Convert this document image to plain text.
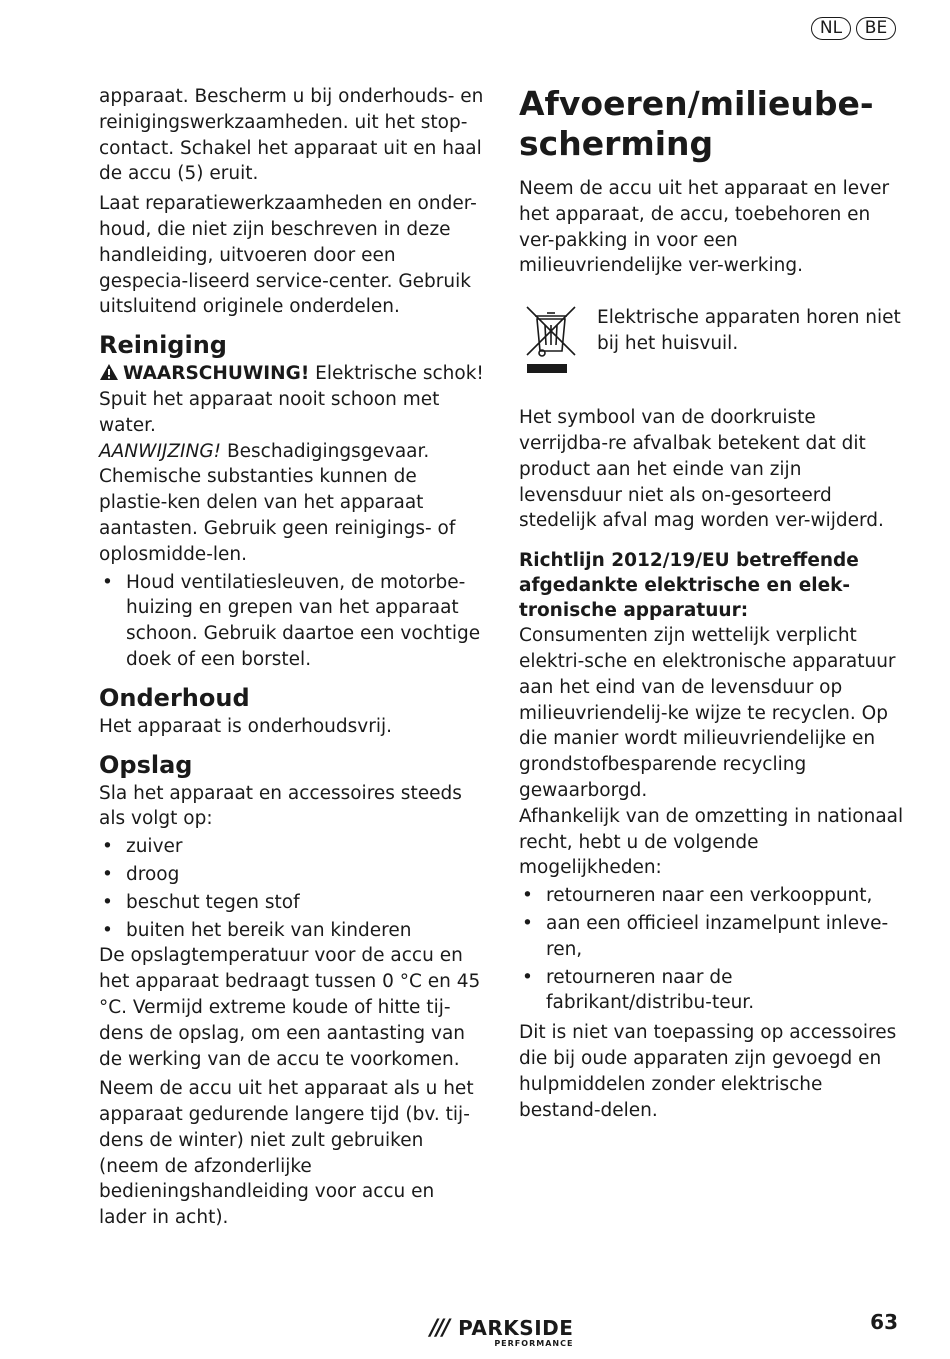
NL	BE

apparaat. Bescherm u bij onderhouds- en reinigingswerkzaamheden. uit het stop-contact. Schakel het apparaat uit en haal de accu (5) eruit.

Laat reparatiewerkzaamheden en onder-houd, die niet zijn beschreven in deze handleiding, uitvoeren door een gespecia-liseerd service-center. Gebruik uitsluitend originele onderdelen.

Reiniging

WAARSCHUWING! Elektrische schok! Spuit het apparaat nooit schoon met water.

AANWIJZING! Beschadigingsgevaar. Chemische substanties kunnen de plastie-ken delen van het apparaat aantasten. Gebruik geen reinigings- of oplosmidde-len.

• Houd ventilatiesleuven, de motorbe-huizing en grepen van het apparaat schoon. Gebruik daartoe een vochtige doek of een borstel.
Onderhoud

Het apparaat is onderhoudsvrij.

Opslag

Sla het apparaat en accessoires steeds als volgt op:

• zuiver
• droog
• beschut tegen stof
• buiten het bereik van kinderen

De opslagtemperatuur voor de accu en het apparaat bedraagt tussen 0 °C en 45 °C. Vermijd extreme koude of hitte tij-dens de opslag, om een aantasting van de werking van de accu te voorkomen.

Neem de accu uit het apparaat als u het apparaat gedurende langere tijd (bv. tij-dens de winter) niet zult gebruiken (neem de afzonderlijke bedieningshandleiding voor accu en lader in acht).

Afvoeren/milieube-scherming

Neem de accu uit het apparaat en lever het apparaat, de accu, toebehoren en ver-pakking in voor een milieuvriendelijke ver-werking.

Elektrische apparaten horen niet bij het huisvuil.

Het symbool van de doorkruiste verrijdba-re afvalbak betekent dat dit product aan het einde van zijn levensduur niet als on-gesorteerd stedelijk afval mag worden ver-wijderd.

Richtlijn 2012/19/EU betreffende afgedankte elektrische en elek-tronische apparatuur:

Consumenten zijn wettelijk verplicht elektri-sche en elektronische apparatuur aan het eind van de levensduur op milieuvriendelij-ke wijze te recyclen. Op die manier wordt milieuvriendelijke en grondstofbesparende recycling gewaarborgd.

Afhankelijk van de omzetting in nationaal recht, hebt u de volgende mogelijkheden:

• retourneren naar een verkooppunt,
• aan een officieel inzamelpunt inleve-ren,
• retourneren naar de fabrikant/distribu-teur.

Dit is niet van toepassing op accessoires die bij oude apparaten zijn gevoegd en hulpmiddelen zonder elektrische bestand-delen.

/// PARKSIDE
PERFORMANCE
63
